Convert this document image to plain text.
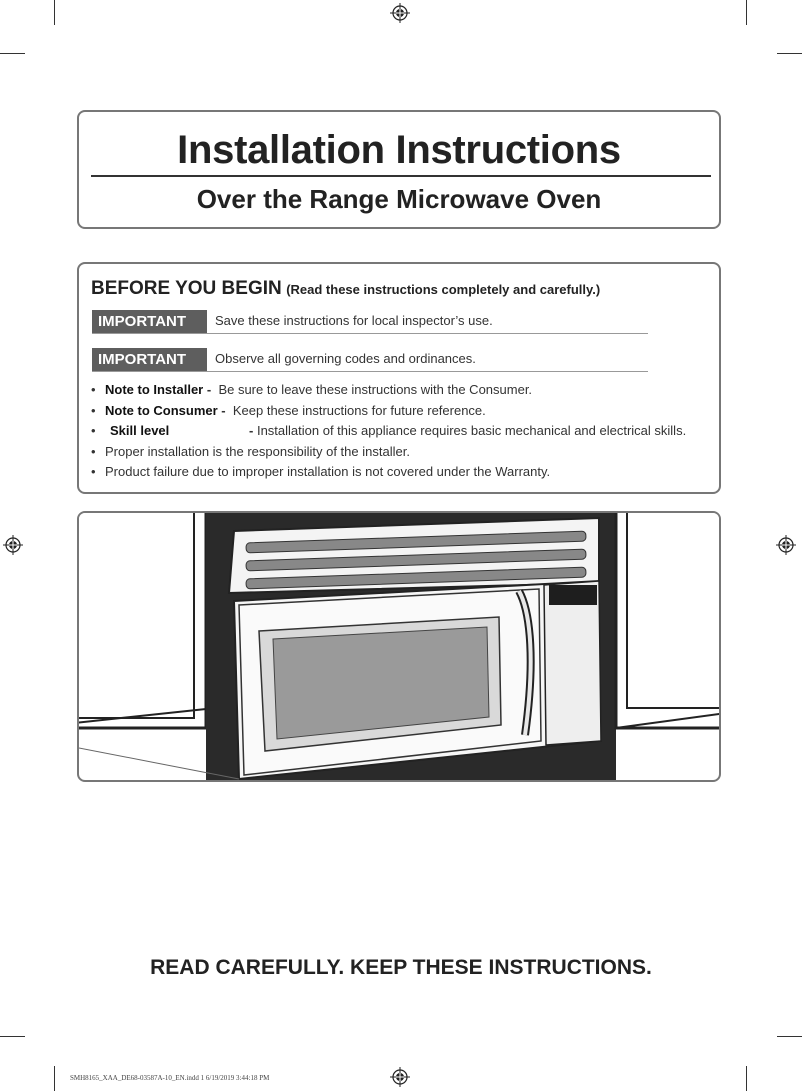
Installation Instructions
Over the Range Microwave Oven
BEFORE YOU BEGIN (Read these instructions completely and carefully.)
IMPORTANT	Save these instructions for local inspector’s use.
IMPORTANT	Observe all governing codes and ordinances.
• Note to Installer -  Be sure to leave these instructions with the Consumer.
• Note to Consumer -  Keep these instructions for future reference.
• Skill level	- Installation of this appliance requires basic mechanical and electrical skills.
• Proper installation is the responsibility of the installer.
• Product failure due to improper installation is not covered under the Warranty.
READ CAREFULLY. KEEP THESE INSTRUCTIONS.
SMH8165_XAA_DE68-03587A-10_EN.indd 1 6/19/2019 3:44:18 PM
